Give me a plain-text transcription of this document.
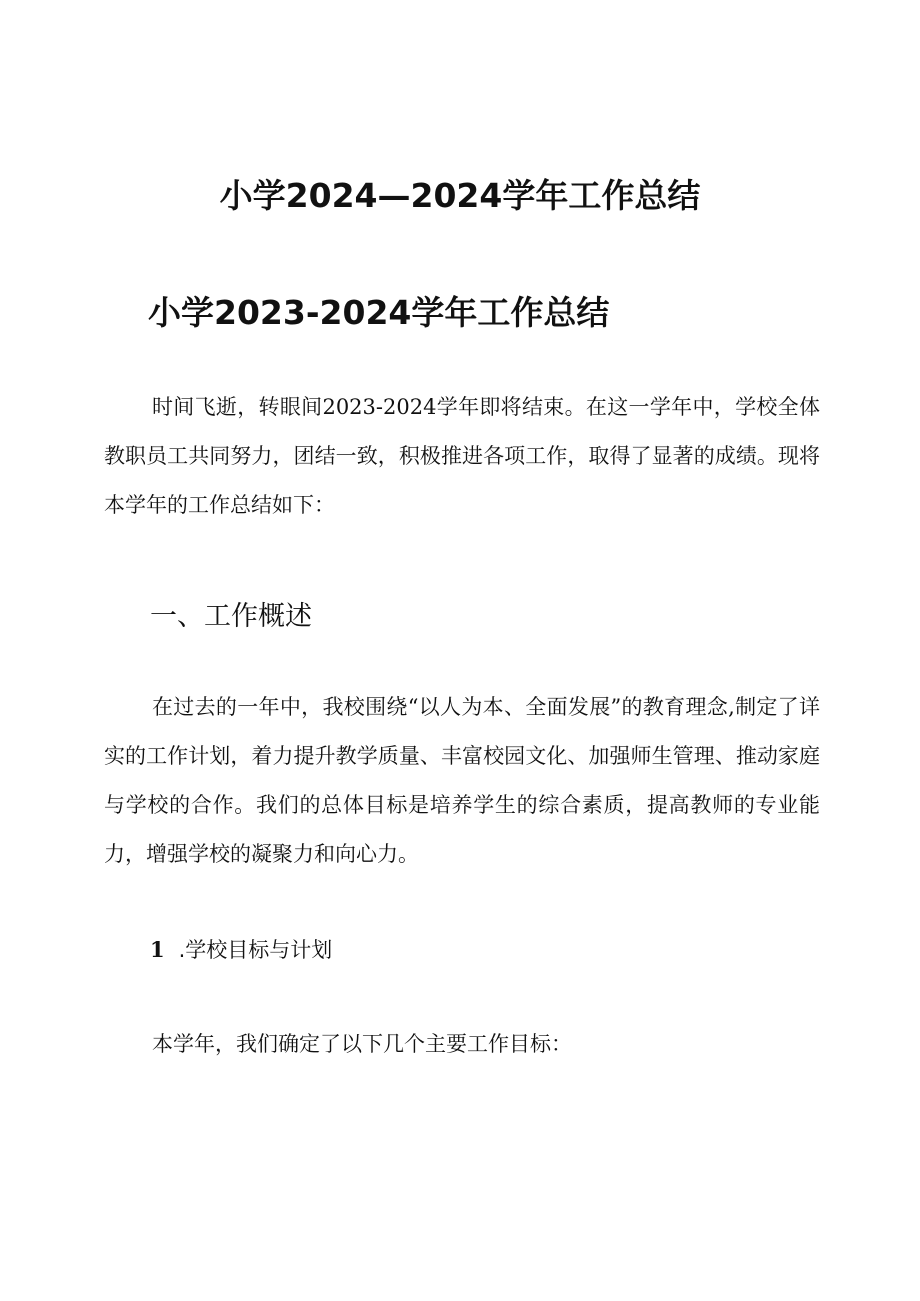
小学2024—2024学年工作总结
小学2023-2024学年工作总结

时间飞逝，转眼间2023-2024学年即将结束。在这一学年中，学校全体教职员工共同努力，团结一致，积极推进各项工作，取得了显著的成绩。现将本学年的工作总结如下：

一、工作概述

在过去的一年中，我校围绕“以人为本、全面发展”的教育理念,制定了详实的工作计划，着力提升教学质量、丰富校园文化、加强师生管理、推动家庭与学校的合作。我们的总体目标是培养学生的综合素质，提高教师的专业能力，增强学校的凝聚力和向心力。

1 .学校目标与计划

本学年，我们确定了以下几个主要工作目标：
